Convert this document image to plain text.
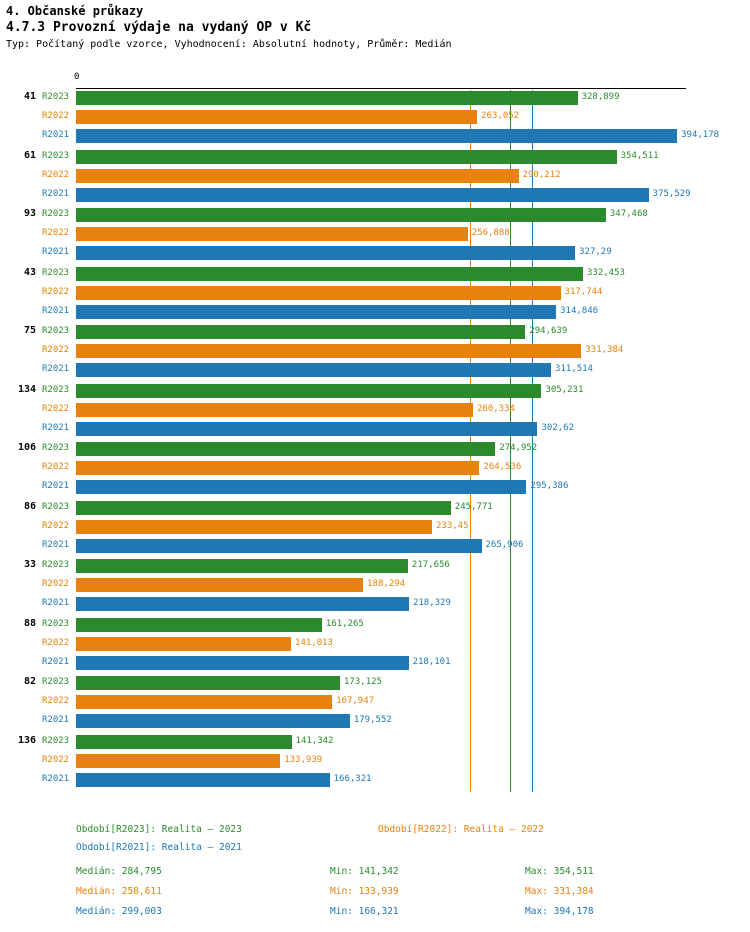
4. Občanské průkazy
4.7.3 Provozní výdaje na vydaný OP v Kč
Typ: Počítaný podle vzorce, Vyhodnocení: Absolutní hodnoty, Průměr: Medián
0
41 R2023	328,899
R2022	263,052
R2021	394,178
61 R2023	354,511
R2022	290,212
R2021	375,529
93 R2023	347,468
R2022	256,888
R2021	327,29
43 R2023	332,453
R2022	317,744
R2021	314,846
75 R2023	294,639
R2022	331,384
R2021	311,514
134 R2023	305,231
R2022	260,334
R2021	302,62
106 R2023	274,952
R2022	264,536
R2021	295,386
86 R2023	245,771
R2022	233,45
R2021	265,906
33 R2023	217,656
R2022	188,294
R2021	218,329
88 R2023	161,265
R2022	141,013
R2021	218,101
82 R2023	173,125
R2022	167,947
R2021	179,552
136 R2023	141,342
R2022	133,939
R2021	166,321
Období[R2023]: Realita – 2023	Období[R2022]: Realita – 2022
Období[R2021]: Realita – 2021
Medián: 284,795	Min: 141,342	Max: 354,511
Medián: 258,611	Min: 133,939	Max: 331,384
Medián: 299,003	Min: 166,321	Max: 394,178
